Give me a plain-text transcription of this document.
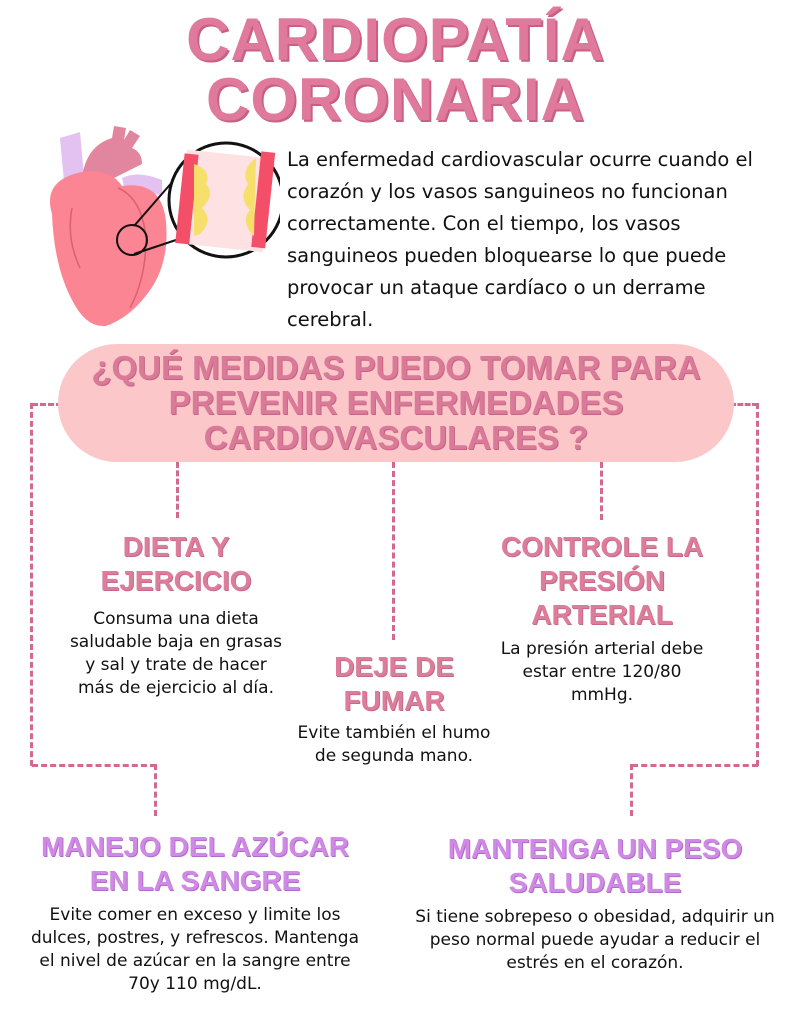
CARDIOPATÍA
CORONARIA
La enfermedad cardiovascular ocurre cuando el corazón y los vasos sanguineos no funcionan correctamente. Con el tiempo, los vasos sanguineos pueden bloquearse lo que puede provocar un ataque cardíaco o un derrame cerebral.
¿QUÉ MEDIDAS PUEDO TOMAR PARA
PREVENIR ENFERMEDADES
CARDIOVASCULARES ?
DIETA Y
EJERCICIO
Consuma una dieta saludable baja en grasas y sal y trate de hacer más de ejercicio al día.
DEJE DE
FUMAR
Evite también el humo de segunda mano.
CONTROLE LA
PRESIÓN
ARTERIAL
La presión arterial debe estar entre 120/80 mmHg.
MANEJO DEL AZÚCAR
EN LA SANGRE
Evite comer en exceso y limite los dulces, postres, y refrescos. Mantenga el nivel de azúcar en la sangre entre 70y 110 mg/dL.
MANTENGA UN PESO
SALUDABLE
Si tiene sobrepeso o obesidad, adquirir un peso normal puede ayudar a reducir el estrés en el corazón.
